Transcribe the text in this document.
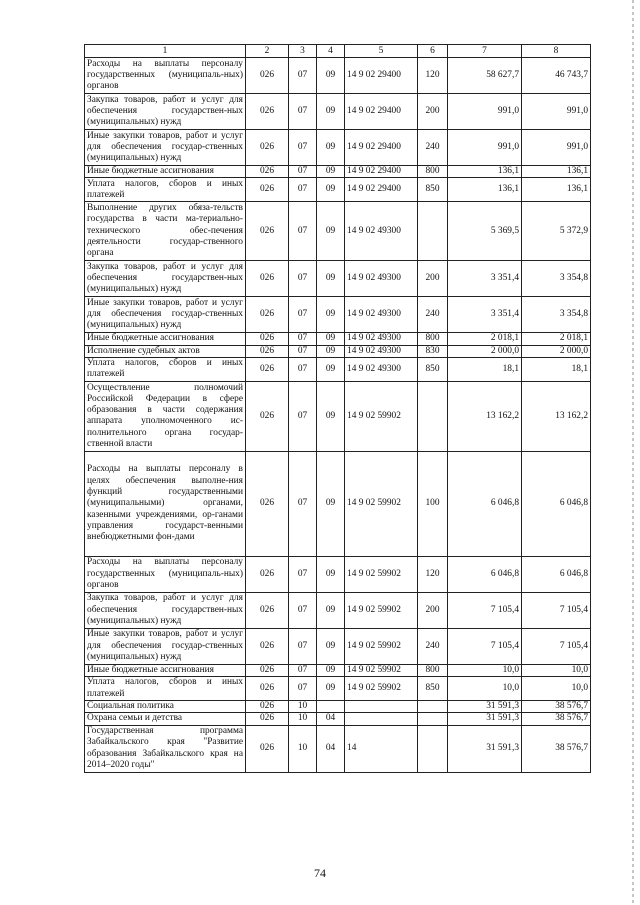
1	2	3	4	5	6	7	8
Расходы на выплаты персоналу государственных (муниципаль-ных) органов	026	07	09	14 9 02 29400	120	58 627,7	46 743,7
Закупка товаров, работ и услуг для обеспечения государствен-ных (муниципальных) нужд	026	07	09	14 9 02 29400	200	991,0	991,0
Иные закупки товаров, работ и услуг для обеспечения государ-ственных (муниципальных) нужд	026	07	09	14 9 02 29400	240	991,0	991,0
Иные бюджетные ассигнования	026	07	09	14 9 02 29400	800	136,1	136,1
Уплата налогов, сборов и иных платежей	026	07	09	14 9 02 29400	850	136,1	136,1
Выполнение других обяза-тельств государства в части ма-териально-технического обес-печения деятельности государ-ственного органа	026	07	09	14 9 02 49300		5 369,5	5 372,9
Закупка товаров, работ и услуг для обеспечения государствен-ных (муниципальных) нужд	026	07	09	14 9 02 49300	200	3 351,4	3 354,8
Иные закупки товаров, работ и услуг для обеспечения государ-ственных (муниципальных) нужд	026	07	09	14 9 02 49300	240	3 351,4	3 354,8
Иные бюджетные ассигнования	026	07	09	14 9 02 49300	800	2 018,1	2 018,1
Исполнение судебных актов	026	07	09	14 9 02 49300	830	2 000,0	2 000,0
Уплата налогов, сборов и иных платежей	026	07	09	14 9 02 49300	850	18,1	18,1
Осуществление полномочий Российской Федерации в сфере образования в части содержания аппарата уполномоченного ис-полнительного органа государ-ственной власти	026	07	09	14 9 02 59902		13 162,2	13 162,2
Расходы на выплаты персоналу в целях обеспечения выполне-ния функций государственными (муниципальными) органами, казенными учреждениями, ор-ганами управления государст-венными внебюджетными фон-дами	026	07	09	14 9 02 59902	100	6 046,8	6 046,8
Расходы на выплаты персоналу государственных (муниципаль-ных) органов	026	07	09	14 9 02 59902	120	6 046,8	6 046,8
Закупка товаров, работ и услуг для обеспечения государствен-ных (муниципальных) нужд	026	07	09	14 9 02 59902	200	7 105,4	7 105,4
Иные закупки товаров, работ и услуг для обеспечения государ-ственных (муниципальных) нужд	026	07	09	14 9 02 59902	240	7 105,4	7 105,4
Иные бюджетные ассигнования	026	07	09	14 9 02 59902	800	10,0	10,0
Уплата налогов, сборов и иных платежей	026	07	09	14 9 02 59902	850	10,0	10,0
Социальная политика	026	10				31 591,3	38 576,7
Охрана семьи и детства	026	10	04			31 591,3	38 576,7
Государственная программа Забайкальского края "Развитие образования Забайкальского края на 2014–2020 годы"	026	10	04	14		31 591,3	38 576,7
74
